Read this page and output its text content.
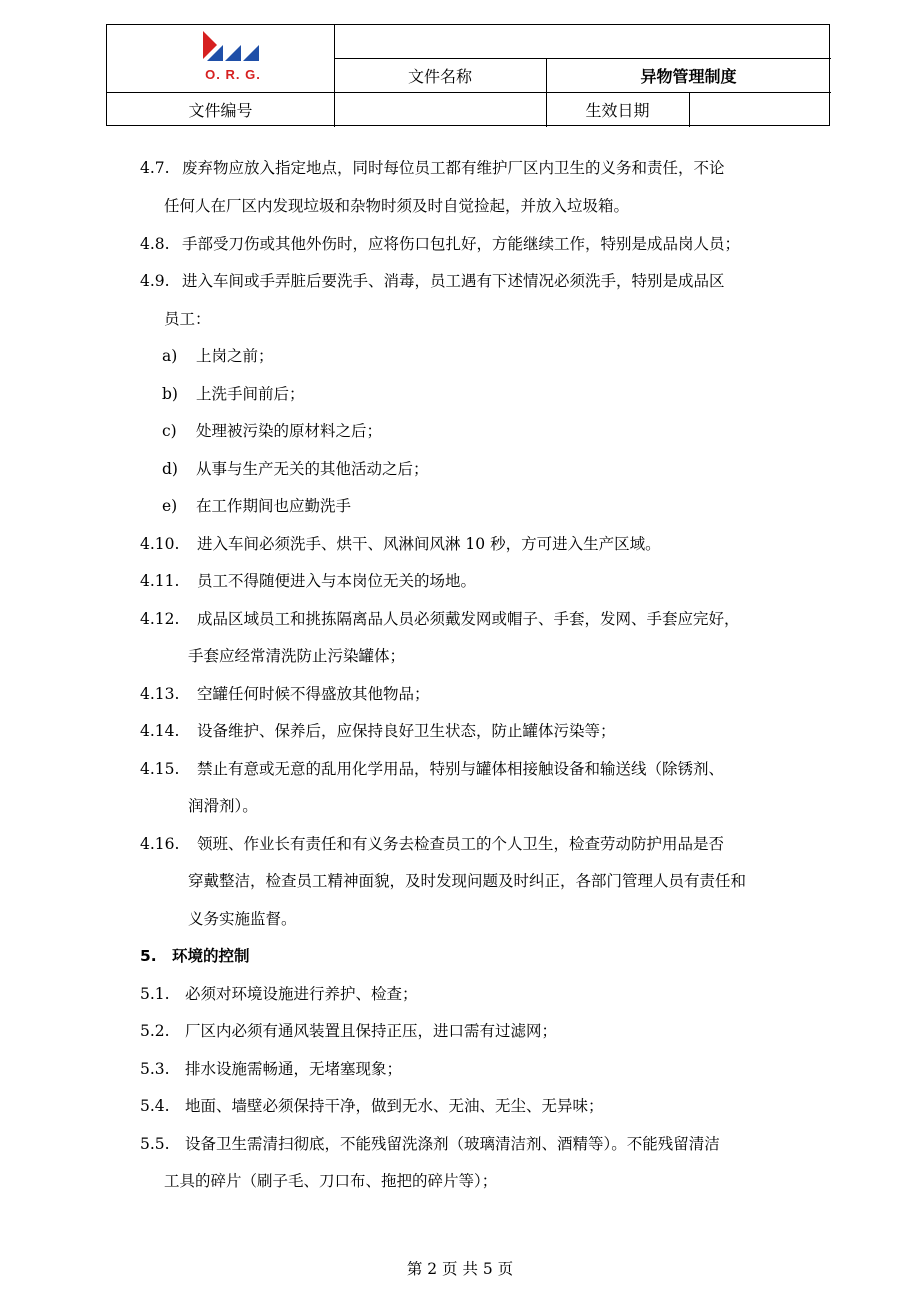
O. R. G.	文件名称	异物管理制度
文件编号	生效日期
4.7. 废弃物应放入指定地点，同时每位员工都有维护厂区内卫生的义务和责任，不论
任何人在厂区内发现垃圾和杂物时须及时自觉捡起，并放入垃圾箱。
4.8. 手部受刀伤或其他外伤时，应将伤口包扎好，方能继续工作，特别是成品岗人员；
4.9. 进入车间或手弄脏后要洗手、消毒，员工遇有下述情况必须洗手，特别是成品区
员工：
a) 上岗之前；
b) 上洗手间前后；
c) 处理被污染的原材料之后；
d) 从事与生产无关的其他活动之后；
e) 在工作期间也应勤洗手
4.10. 进入车间必须洗手、烘干、风淋间风淋 10 秒，方可进入生产区域。
4.11. 员工不得随便进入与本岗位无关的场地。
4.12. 成品区域员工和挑拣隔离品人员必须戴发网或帽子、手套，发网、手套应完好，
手套应经常清洗防止污染罐体；
4.13. 空罐任何时候不得盛放其他物品；
4.14. 设备维护、保养后，应保持良好卫生状态，防止罐体污染等；
4.15. 禁止有意或无意的乱用化学用品，特别与罐体相接触设备和输送线（除锈剂、
润滑剂）。
4.16. 领班、作业长有责任和有义务去检查员工的个人卫生，检查劳动防护用品是否
穿戴整洁，检查员工精神面貌，及时发现问题及时纠正，各部门管理人员有责任和
义务实施监督。
5. 环境的控制
5.1. 必须对环境设施进行养护、检查；
5.2. 厂区内必须有通风装置且保持正压，进口需有过滤网；
5.3. 排水设施需畅通，无堵塞现象；
5.4. 地面、墙壁必须保持干净，做到无水、无油、无尘、无异味；
5.5. 设备卫生需清扫彻底，不能残留洗涤剂（玻璃清洁剂、酒精等）。不能残留清洁
工具的碎片（刷子毛、刀口布、拖把的碎片等）；
第 2 页 共 5 页
